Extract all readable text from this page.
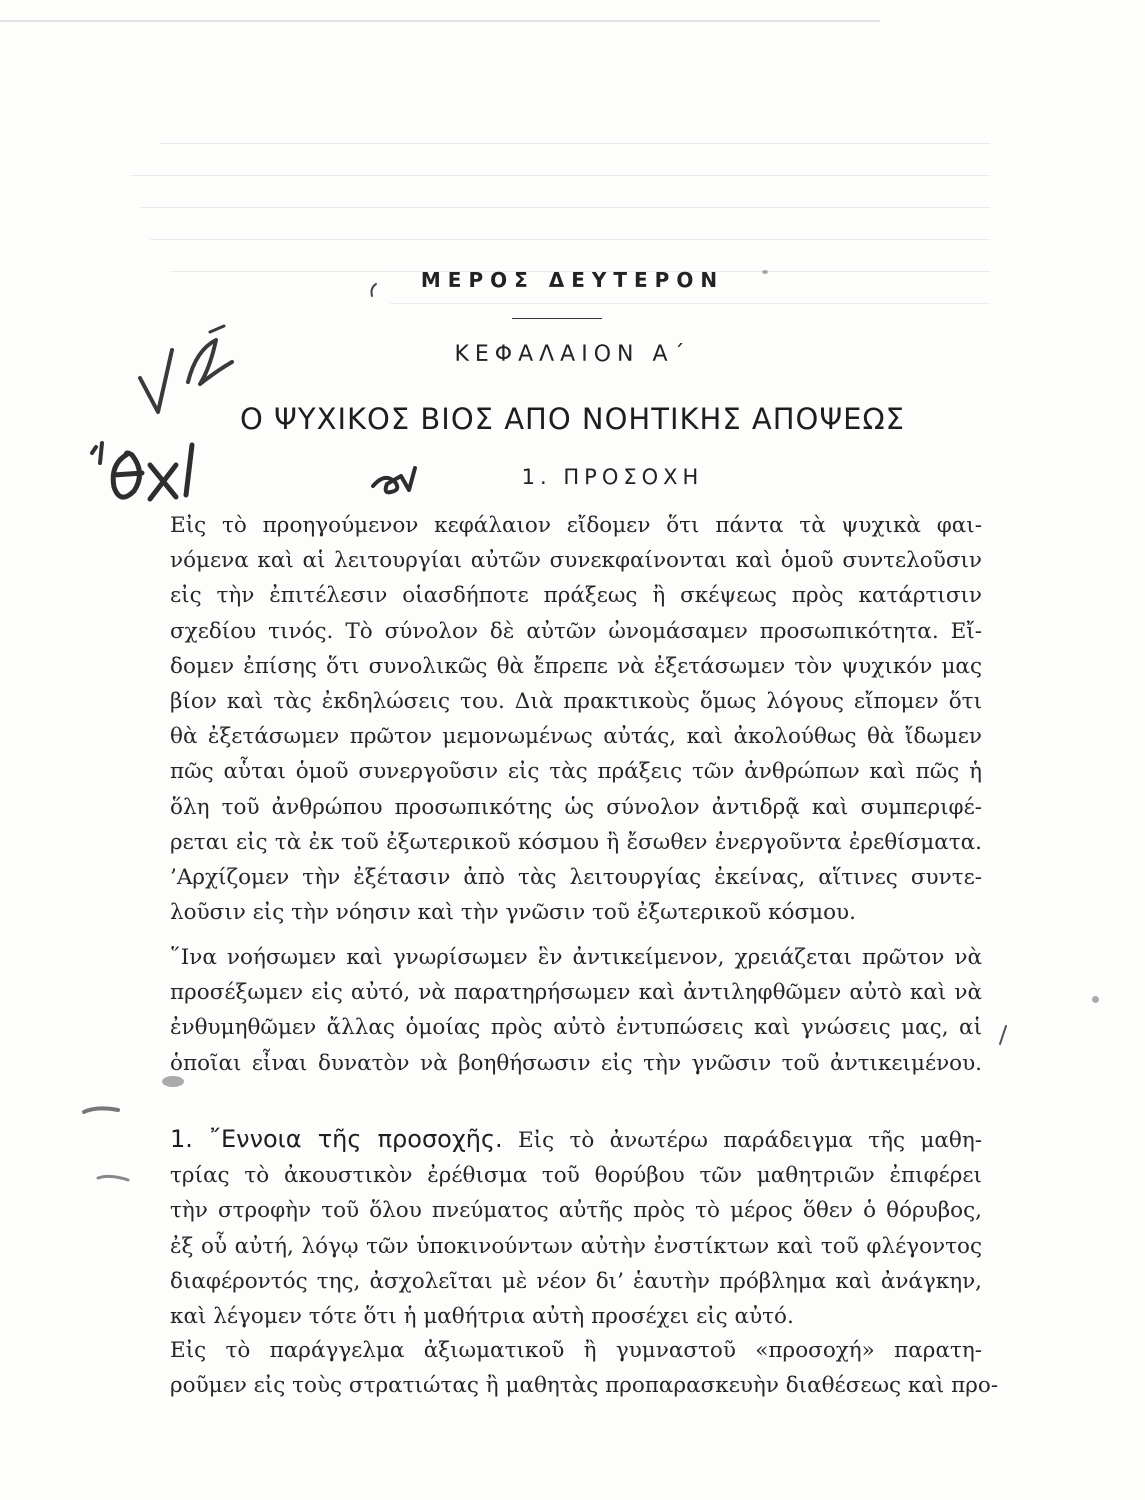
ΜΕΡΟΣ ΔΕΥΤΕΡΟΝ
ΚΕΦΑΛΑΙΟΝ Α΄
Ο ΨΥΧΙΚΟΣ ΒΙΟΣ ΑΠΟ ΝΟΗΤΙΚΗΣ ΑΠΟΨΕΩΣ
1. ΠΡΟΣΟΧΗ
Εἰς τὸ προηγούμενον κεφάλαιον εἴδομεν ὅτι πάντα τὰ ψυχικὰ φαι-
νόμενα καὶ αἱ λειτουργίαι αὐτῶν συνεκφαίνονται καὶ ὁμοῦ συντελοῦσιν
εἰς τὴν ἐπιτέλεσιν οἱασδήποτε πράξεως ἢ σκέψεως πρὸς κατάρτισιν
σχεδίου τινός. Τὸ σύνολον δὲ αὐτῶν ὠνομάσαμεν προσωπικότητα. Εἴ-
δομεν ἐπίσης ὅτι συνολικῶς θὰ ἔπρεπε νὰ ἐξετάσωμεν τὸν ψυχικόν μας
βίον καὶ τὰς ἐκδηλώσεις του. Διὰ πρακτικοὺς ὅμως λόγους εἴπομεν ὅτι
θὰ ἐξετάσωμεν πρῶτον μεμονωμένως αὐτάς, καὶ ἀκολούθως θὰ ἴδωμεν
πῶς αὗται ὁμοῦ συνεργοῦσιν εἰς τὰς πράξεις τῶν ἀνθρώπων καὶ πῶς ἡ
ὅλη τοῦ ἀνθρώπου προσωπικότης ὡς σύνολον ἀντιδρᾷ καὶ συμπεριφέ-
ρεται εἰς τὰ ἐκ τοῦ ἐξωτερικοῦ κόσμου ἢ ἔσωθεν ἐνεργοῦντα ἐρεθίσματα.
’Αρχίζομεν τὴν ἐξέτασιν ἀπὸ τὰς λειτουργίας ἐκείνας, αἵτινες συντε-
λοῦσιν εἰς τὴν νόησιν καὶ τὴν γνῶσιν τοῦ ἐξωτερικοῦ κόσμου.
῞Ινα νοήσωμεν καὶ γνωρίσωμεν ἓν ἀντικείμενον, χρειάζεται πρῶτον νὰ
προσέξωμεν εἰς αὐτό, νὰ παρατηρήσωμεν καὶ ἀντιληφθῶμεν αὐτὸ καὶ νὰ
ἐνθυμηθῶμεν ἄλλας ὁμοίας πρὸς αὐτὸ ἐντυπώσεις καὶ γνώσεις μας, αἱ
ὁποῖαι εἶναι δυνατὸν νὰ βοηθήσωσιν εἰς τὴν γνῶσιν τοῦ ἀντικειμένου.
1. ῎Εννοια τῆς προσοχῆς. Εἰς τὸ ἀνωτέρω παράδειγμα τῆς μαθη-
τρίας τὸ ἀκουστικὸν ἐρέθισμα τοῦ θορύβου τῶν μαθητριῶν ἐπιφέρει
τὴν στροφὴν τοῦ ὅλου πνεύματος αὐτῆς πρὸς τὸ μέρος ὅθεν ὁ θόρυβος,
ἐξ οὗ αὐτή, λόγῳ τῶν ὑποκινούντων αὐτὴν ἐνστίκτων καὶ τοῦ φλέγοντος
διαφέροντός της, ἀσχολεῖται μὲ νέον δι’ ἑαυτὴν πρόβλημα καὶ ἀνάγκην,
καὶ λέγομεν τότε ὅτι ἡ μαθήτρια αὐτὴ προσέχει εἰς αὐτό.
Εἰς τὸ παράγγελμα ἀξιωματικοῦ ἢ γυμναστοῦ «προσοχή» παρατη-
ροῦμεν εἰς τοὺς στρατιώτας ἢ μαθητὰς προπαρασκευὴν διαθέσεως καὶ προ-
ὄχι
